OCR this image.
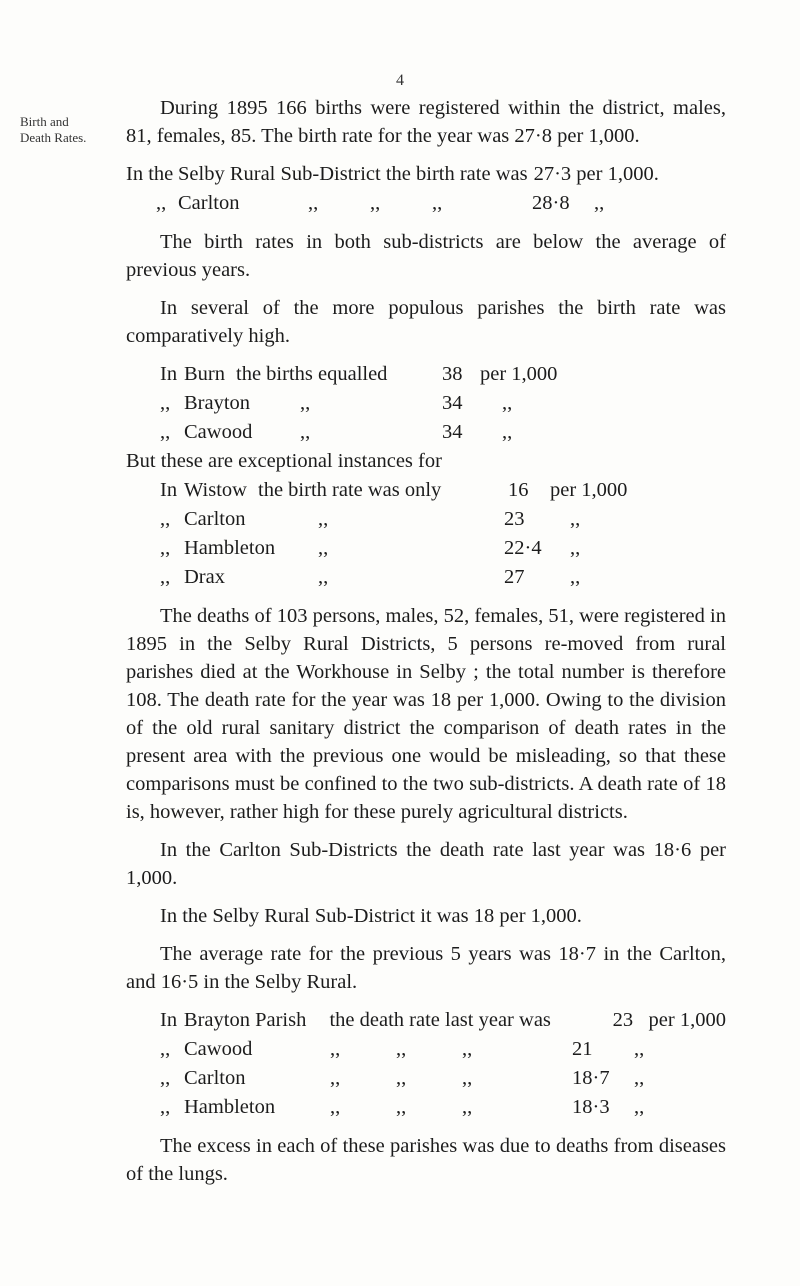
4
Birth and
Death Rates.

During 1895 166 births were registered within the district, males, 81, females, 85. The birth rate for the year was 27·8 per 1,000.

In the Selby Rural Sub-District the birth rate was 27·3 per 1,000.
,, Carlton	,,	,,	,,	28·8	,,

The birth rates in both sub-districts are below the average of previous years.

In several of the more populous parishes the birth rate was comparatively high.

In Burn the births equalled	38 per 1,000
,, Brayton	,,	34	,,
,, Cawood	,,	34	,,
But these are exceptional instances for
In Wistow the birth rate was only	16	per 1,000
,, Carlton	,,	23	,,
,, Hambleton	,,	22·4	,,
,, Drax	,,	27	,,

The deaths of 103 persons, males, 52, females, 51, were registered in 1895 in the Selby Rural Districts, 5 persons re-moved from rural parishes died at the Workhouse in Selby ; the total number is therefore 108. The death rate for the year was 18 per 1,000. Owing to the division of the old rural sanitary district the comparison of death rates in the present area with the previous one would be misleading, so that these comparisons must be confined to the two sub-districts. A death rate of 18 is, however, rather high for these purely agricultural districts.

In the Carlton Sub-Districts the death rate last year was 18·6 per 1,000.

In the Selby Rural Sub-District it was 18 per 1,000.

The average rate for the previous 5 years was 18·7 in the Carlton, and 16·5 in the Selby Rural.

In Brayton Parish	the death rate last year was	23 per 1,000
,, Cawood	,,	,,	,,	21	,,
,, Carlton	,,	,,	,,	18·7	,,
,, Hambleton	,,	,,	,,	18·3	,,

The excess in each of these parishes was due to deaths from diseases of the lungs.
